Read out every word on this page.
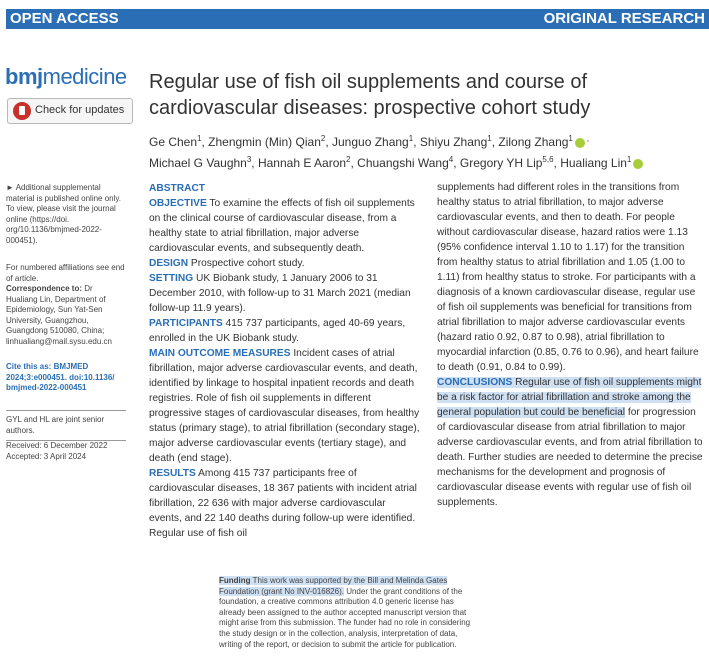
OPEN ACCESS	ORIGINAL RESEARCH
bmjmedicine
Check for updates
Regular use of fish oil supplements and course of cardiovascular diseases: prospective cohort study
Ge Chen$^1$, Zhengmin (Min) Qian$^2$, Junguo Zhang$^1$, Shiyu Zhang$^1$, Zilong Zhang$^1$ ,
Michael G Vaughn$^3$, Hannah E Aaron$^2$, Chuangshi Wang$^4$, Gregory YH Lip$^{5,6}$, Hualiang Lin$^1$
► Additional supplemental material is published online only. To view, please visit the journal online (https://doi. org/10.1136/bmjmed-2022-000451).
For numbered affiliations see end of article.
Correspondence to: Dr Hualiang Lin, Department of Epidemiology, Sun Yat-Sen University, Guangzhou, Guangdong 510080, China; linhualiang@mail.sysu.edu.cn
Cite this as: BMJMED 2024;3:e000451. doi:10.1136/ bmjmed-2022-000451
GYL and HL are joint senior authors.
Received: 6 December 2022
Accepted: 3 April 2024
ABSTRACT
OBJECTIVE To examine the effects of fish oil supplements on the clinical course of cardiovascular disease, from a healthy state to atrial fibrillation, major adverse cardiovascular events, and subsequently death.
DESIGN Prospective cohort study.
SETTING UK Biobank study, 1 January 2006 to 31 December 2010, with follow-up to 31 March 2021 (median follow-up 11.9 years).
PARTICIPANTS 415 737 participants, aged 40-69 years, enrolled in the UK Biobank study.
MAIN OUTCOME MEASURES Incident cases of atrial fibrillation, major adverse cardiovascular events, and death, identified by linkage to hospital inpatient records and death registries. Role of fish oil supplements in different progressive stages of cardiovascular diseases, from healthy status (primary stage), to atrial fibrillation (secondary stage), major adverse cardiovascular events (tertiary stage), and death (end stage).
RESULTS Among 415 737 participants free of cardiovascular diseases, 18 367 patients with incident atrial fibrillation, 22 636 with major adverse cardiovascular events, and 22 140 deaths during follow-up were identified. Regular use of fish oil
supplements had different roles in the transitions from healthy status to atrial fibrillation, to major adverse cardiovascular events, and then to death. For people without cardiovascular disease, hazard ratios were 1.13 (95% confidence interval 1.10 to 1.17) for the transition from healthy status to atrial fibrillation and 1.05 (1.00 to 1.11) from healthy status to stroke. For participants with a diagnosis of a known cardiovascular disease, regular use of fish oil supplements was beneficial for transitions from atrial fibrillation to major adverse cardiovascular events (hazard ratio 0.92, 0.87 to 0.98), atrial fibrillation to myocardial infarction (0.85, 0.76 to 0.96), and heart failure to death (0.91, 0.84 to 0.99).
CONCLUSIONS Regular use of fish oil supplements might be a risk factor for atrial fibrillation and stroke among the general population but could be beneficial for progression of cardiovascular disease from atrial fibrillation to major adverse cardiovascular events, and from atrial fibrillation to death. Further studies are needed to determine the precise mechanisms for the development and prognosis of cardiovascular disease events with regular use of fish oil supplements.
Funding This work was supported by the Bill and Melinda Gates Foundation (grant No INV-016826). Under the grant conditions of the foundation, a creative commons attribution 4.0 generic license has already been assigned to the author accepted manuscript version that might arise from this submission. The funder had no role in considering the study design or in the collection, analysis, interpretation of data, writing of the report, or decision to submit the article for publication.
